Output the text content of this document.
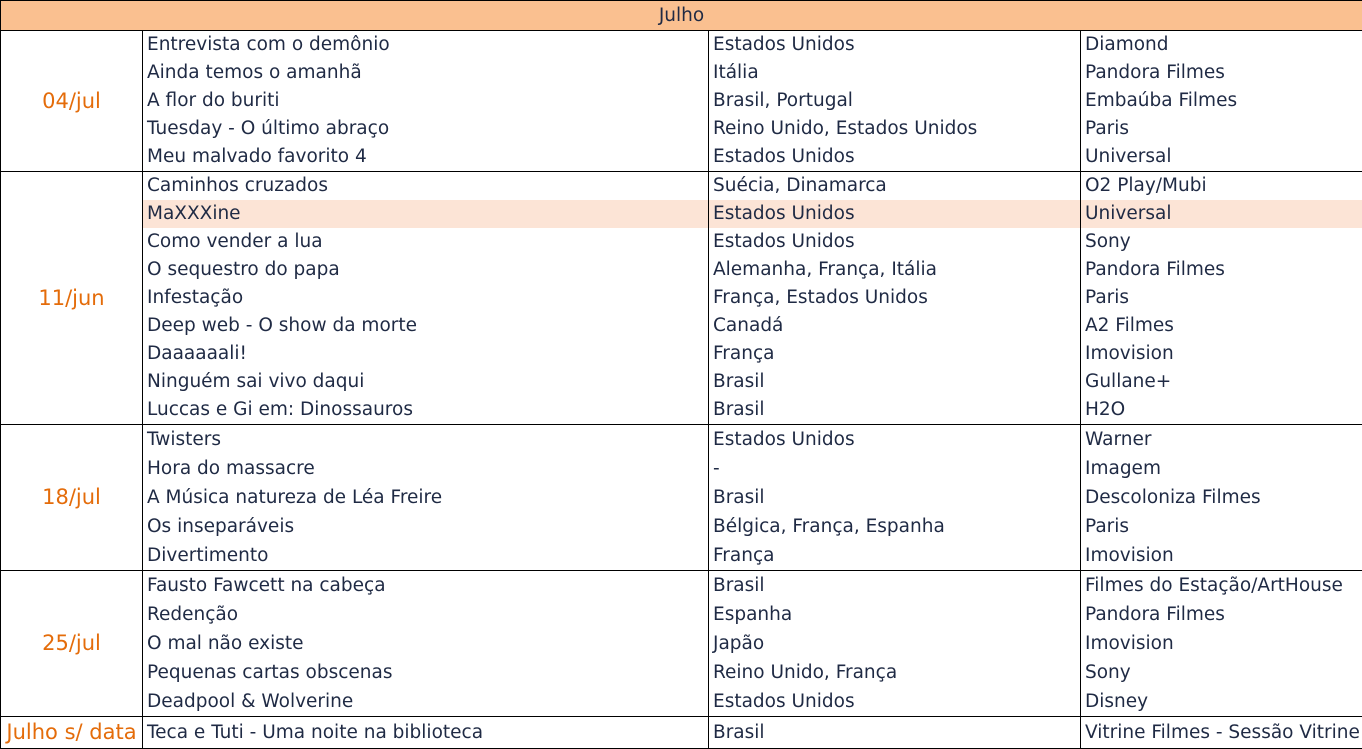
Julho			
04/jul	Entrevista com o demônio	Estados Unidos	Diamond
	Ainda temos o amanhã	Itália	Pandora Filmes
	A flor do buriti	Brasil, Portugal	Embaúba Filmes
	Tuesday - O último abraço	Reino Unido, Estados Unidos	Paris
	Meu malvado favorito 4	Estados Unidos	Universal
11/jun	Caminhos cruzados	Suécia, Dinamarca	O2 Play/Mubi
	MaXXXine	Estados Unidos	Universal
	Como vender a lua	Estados Unidos	Sony
	O sequestro do papa	Alemanha, França, Itália	Pandora Filmes
	Infestação	França, Estados Unidos	Paris
	Deep web - O show da morte	Canadá	A2 Filmes
	Daaaaaali!	França	Imovision
	Ninguém sai vivo daqui	Brasil	Gullane+
	Luccas e Gi em: Dinossauros	Brasil	H2O
18/jul	Twisters	Estados Unidos	Warner
	Hora do massacre	-	Imagem
	A Música natureza de Léa Freire	Brasil	Descoloniza Filmes
	Os inseparáveis	Bélgica, França, Espanha	Paris
	Divertimento	França	Imovision
25/jul	Fausto Fawcett na cabeça	Brasil	Filmes do Estação/ArtHouse
	Redenção	Espanha	Pandora Filmes
	O mal não existe	Japão	Imovision
	Pequenas cartas obscenas	Reino Unido, França	Sony
	Deadpool & Wolverine	Estados Unidos	Disney
Julho s/ data	Teca e Tuti - Uma noite na biblioteca	Brasil	Vitrine Filmes - Sessão Vitrine
